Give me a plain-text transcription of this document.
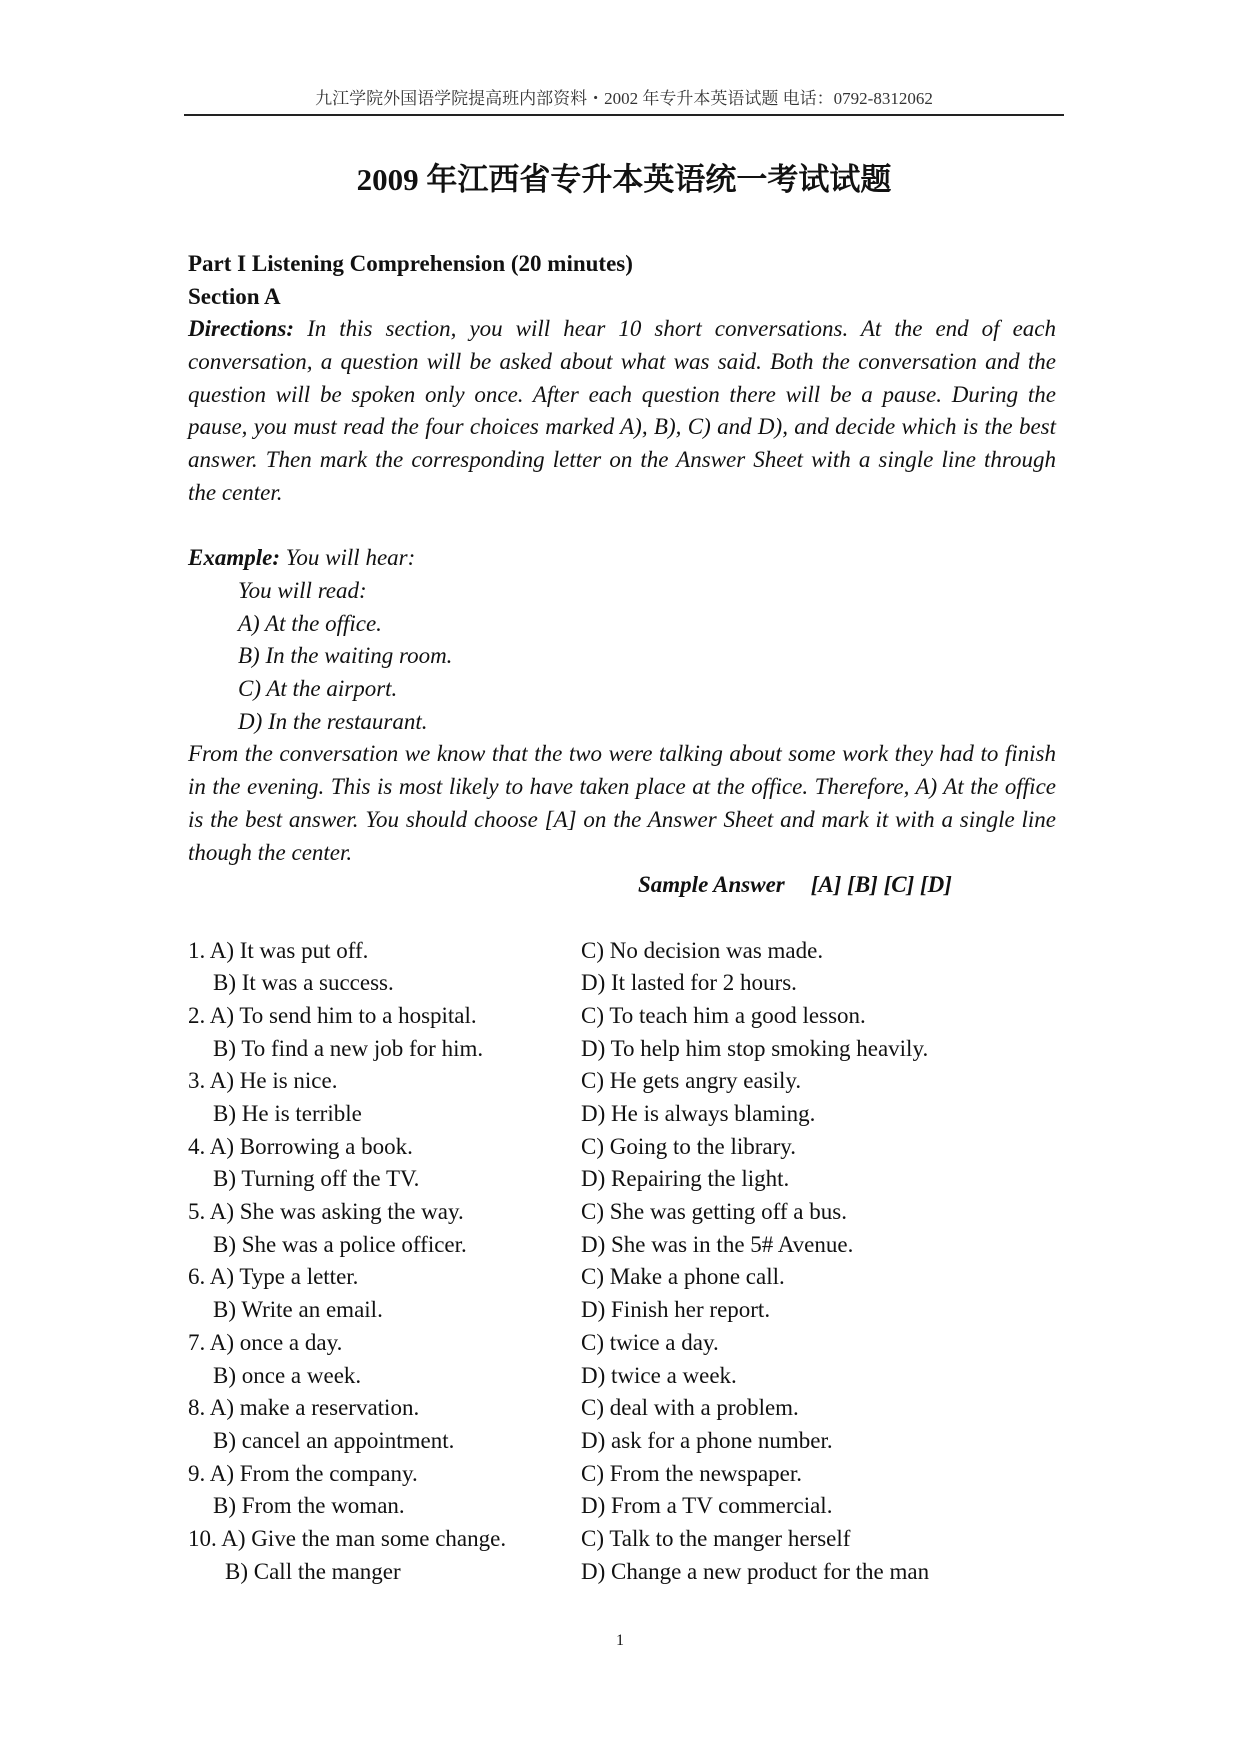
九江学院外国语学院提高班内部资料・2002 年专升本英语试题 电话：0792-8312062
2009 年江西省专升本英语统一考试试题
Part I Listening Comprehension (20 minutes)
Section A
Directions: In this section, you will hear 10 short conversations. At the end of each conversation, a question will be asked about what was said. Both the conversation and the question will be spoken only once. After each question there will be a pause. During the pause, you must read the four choices marked A), B), C) and D), and decide which is the best answer. Then mark the corresponding letter on the Answer Sheet with a single line through the center.
Example: You will hear:
You will read:
A) At the office.
B) In the waiting room.
C) At the airport.
D) In the restaurant.
From the conversation we know that the two were talking about some work they had to finish in the evening. This is most likely to have taken place at the office. Therefore, A) At the office is the best answer. You should choose [A] on the Answer Sheet and mark it with a single line though the center.
Sample Answer [A] [B] [C] [D]
1. A) It was put off.	C) No decision was made.
B) It was a success.	D) It lasted for 2 hours.
2. A) To send him to a hospital.	C) To teach him a good lesson.
B) To find a new job for him.	D) To help him stop smoking heavily.
3. A) He is nice.	C) He gets angry easily.
B) He is terrible	D) He is always blaming.
4. A) Borrowing a book.	C) Going to the library.
B) Turning off the TV.	D) Repairing the light.
5. A) She was asking the way.	C) She was getting off a bus.
B) She was a police officer.	D) She was in the 5# Avenue.
6. A) Type a letter.	C) Make a phone call.
B) Write an email.	D) Finish her report.
7. A) once a day.	C) twice a day.
B) once a week.	D) twice a week.
8. A) make a reservation.	C) deal with a problem.
B) cancel an appointment.	D) ask for a phone number.
9. A) From the company.	C) From the newspaper.
B) From the woman.	D) From a TV commercial.
10. A) Give the man some change.	C) Talk to the manger herself
B) Call the manger	D) Change a new product for the man
1
